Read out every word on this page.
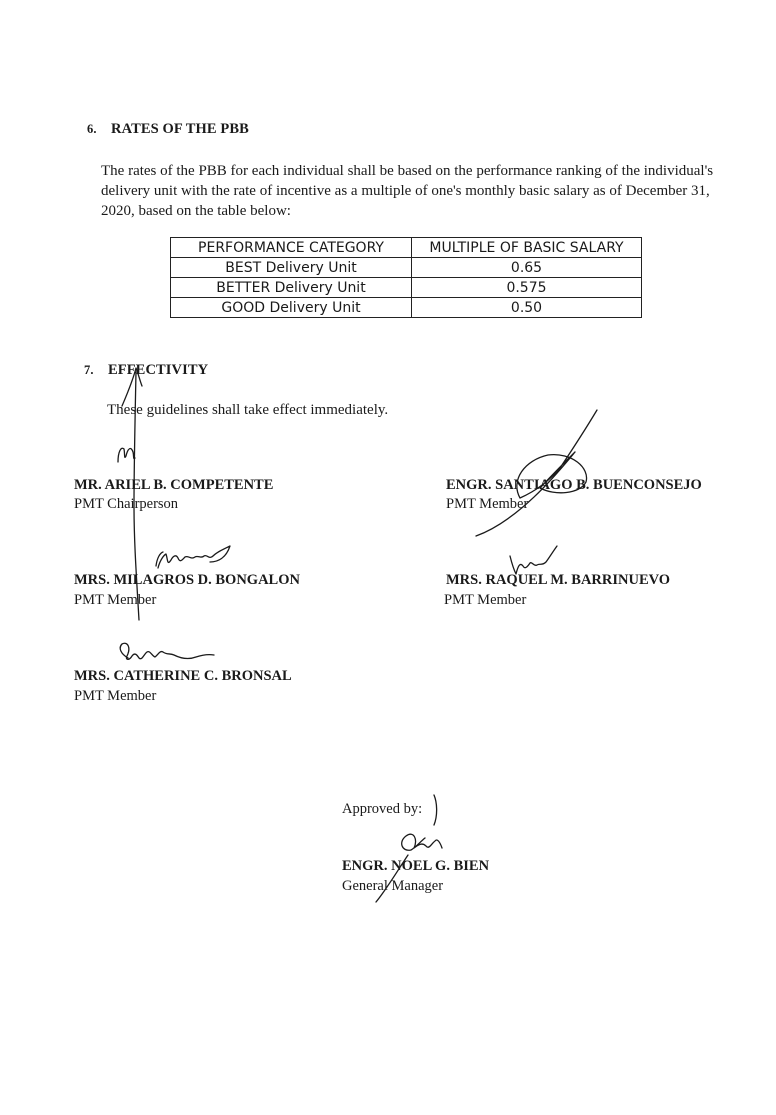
6. RATES OF THE PBB
The rates of the PBB for each individual shall be based on the performance ranking of the individual's delivery unit with the rate of incentive as a multiple of one's monthly basic salary as of December 31, 2020, based on the table below:
PERFORMANCE CATEGORY	MULTIPLE OF BASIC SALARY
BEST Delivery Unit	0.65
BETTER Delivery Unit	0.575
GOOD Delivery Unit	0.50
7. EFFECTIVITY
These guidelines shall take effect immediately.
MR. ARIEL B. COMPETENTE
PMT Chairperson
ENGR. SANTIAGO B. BUENCONSEJO
PMT Member
MRS. MILAGROS D. BONGALON
PMT Member
MRS. RAQUEL M. BARRINUEVO
PMT Member
MRS. CATHERINE C. BRONSAL
PMT Member
Approved by:
ENGR. NOEL G. BIEN
General Manager
